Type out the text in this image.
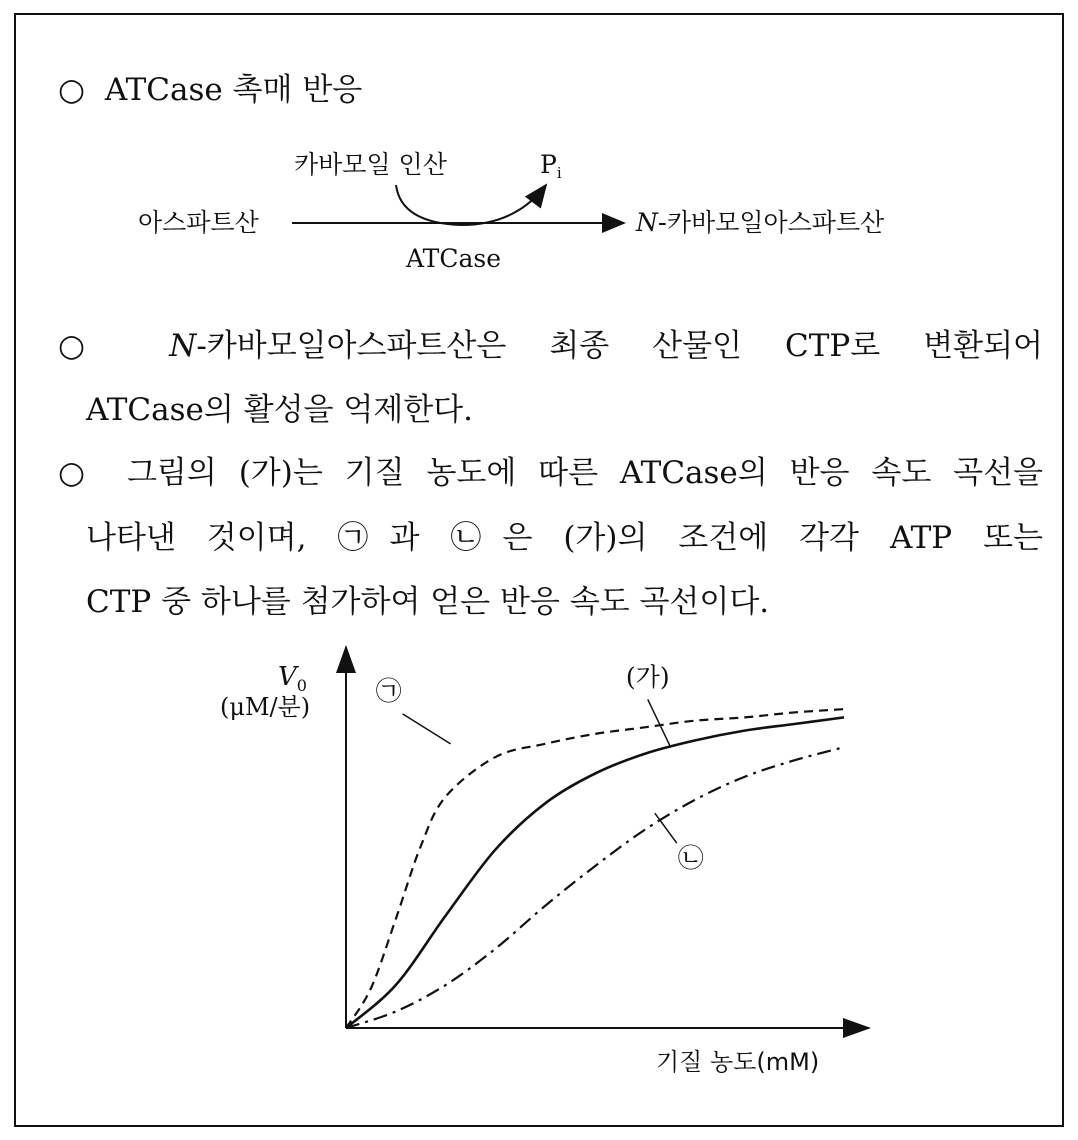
○ ATCase 촉매 반응
아스파트산
카바모일 인산	$P_i$
ATCase
N-카바모일아스파트산
○ N-카바모일아스파트산은 최종 산물인 CTP로 변환되어
ATCase의 활성을 억제한다.
○ 그림의 (가)는 기질 농도에 따른 ATCase의 반응 속도 곡선을
나타낸 것이며, ㉠과 ㉡은 (가)의 조건에 각각 ATP 또는
CTP 중 하나를 첨가하여 얻은 반응 속도 곡선이다.
$V_0$
(μM/분)
기질 농도(mM)
㉠	(가)
㉡
